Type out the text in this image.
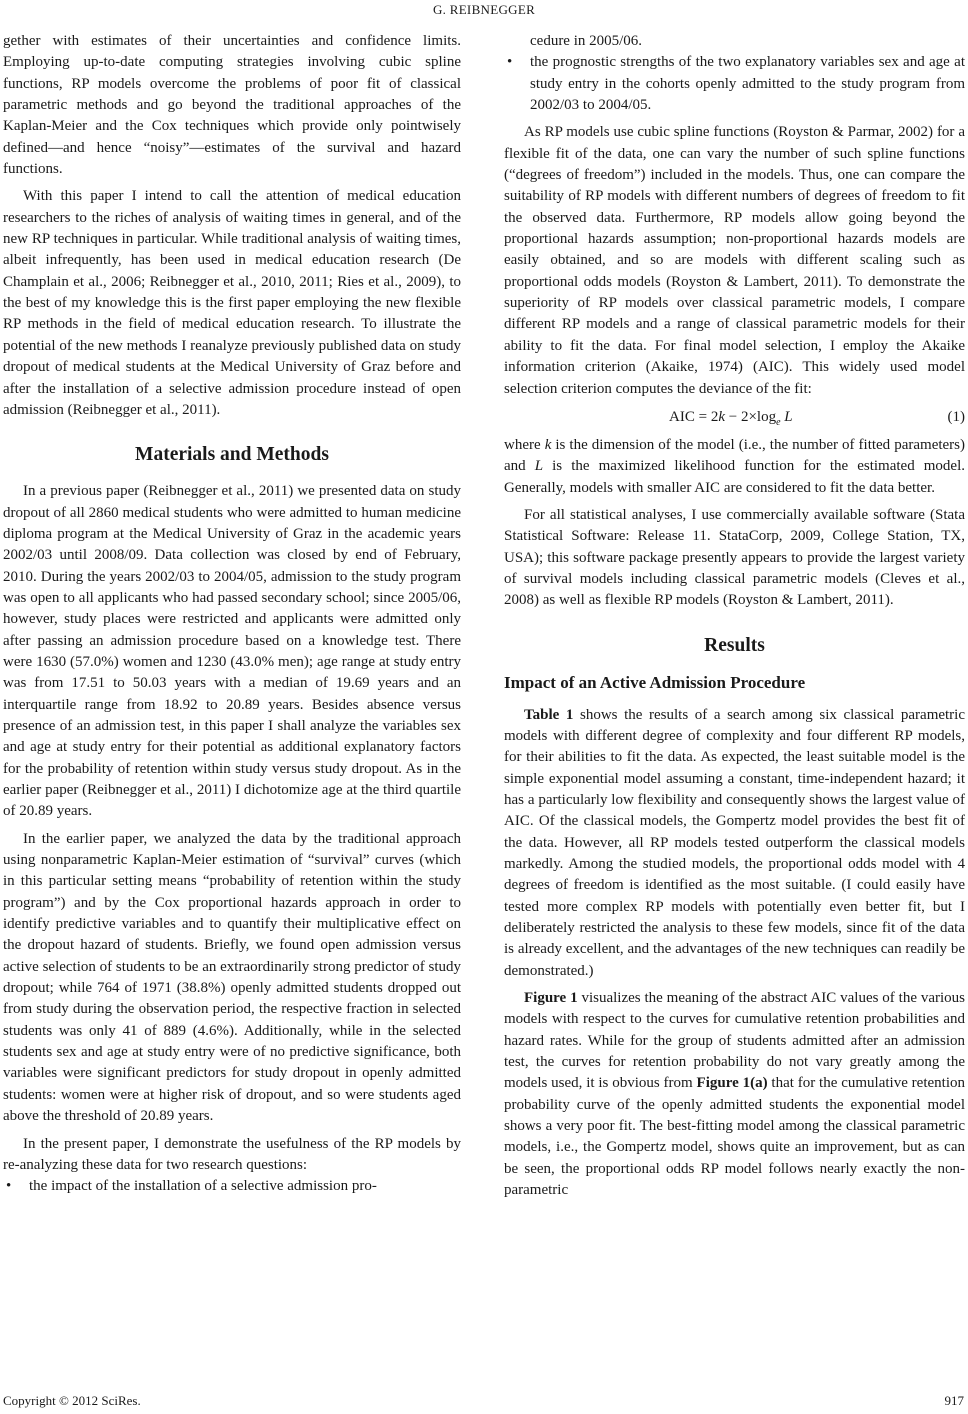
G. REIBNEGGER

gether with estimates of their uncertainties and confidence limits. Employing up-to-date computing strategies involving cubic spline functions, RP models overcome the problems of poor fit of classical parametric methods and go beyond the traditional approaches of the Kaplan-Meier and the Cox techniques which provide only pointwisely defined—and hence “noisy”—estimates of the survival and hazard functions.

With this paper I intend to call the attention of medical education researchers to the riches of analysis of waiting times in general, and of the new RP techniques in particular. While traditional analysis of waiting times, albeit infrequently, has been used in medical education research (De Champlain et al., 2006; Reibnegger et al., 2010, 2011; Ries et al., 2009), to the best of my knowledge this is the first paper employing the new flexible RP methods in the field of medical education research. To illustrate the potential of the new methods I reanalyze previously published data on study dropout of medical students at the Medical University of Graz before and after the installation of a selective admission procedure instead of open admission (Reibnegger et al., 2011).

Materials and Methods

In a previous paper (Reibnegger et al., 2011) we presented data on study dropout of all 2860 medical students who were admitted to human medicine diploma program at the Medical University of Graz in the academic years 2002/03 until 2008/09. Data collection was closed by end of February, 2010. During the years 2002/03 to 2004/05, admission to the study program was open to all applicants who had passed secondary school; since 2005/06, however, study places were restricted and applicants were admitted only after passing an admission procedure based on a knowledge test. There were 1630 (57.0%) women and 1230 (43.0% men); age range at study entry was from 17.51 to 50.03 years with a median of 19.69 years and an interquartile range from 18.92 to 20.89 years. Besides absence versus presence of an admission test, in this paper I shall analyze the variables sex and age at study entry for their potential as additional explanatory factors for the probability of retention within study versus study dropout. As in the earlier paper (Reibnegger et al., 2011) I dichotomize age at the third quartile of 20.89 years.

In the earlier paper, we analyzed the data by the traditional approach using nonparametric Kaplan-Meier estimation of “survival” curves (which in this particular setting means “probability of retention within the study program”) and by the Cox proportional hazards approach in order to identify predictive variables and to quantify their multiplicative effect on the dropout hazard of students. Briefly, we found open admission versus active selection of students to be an extraordinarily strong predictor of study dropout; while 764 of 1971 (38.8%) openly admitted students dropped out from study during the observation period, the respective fraction in selected students was only 41 of 889 (4.6%). Additionally, while in the selected students sex and age at study entry were of no predictive significance, both variables were significant predictors for study dropout in openly admitted students: women were at higher risk of dropout, and so were students aged above the threshold of 20.89 years.

In the present paper, I demonstrate the usefulness of the RP models by re-analyzing these data for two research questions:

• the impact of the installation of a selective admission pro-
cedure in 2005/06.
• the prognostic strengths of the two explanatory variables sex and age at study entry in the cohorts openly admitted to the study program from 2002/03 to 2004/05.

As RP models use cubic spline functions (Royston & Parmar, 2002) for a flexible fit of the data, one can vary the number of such spline functions (“degrees of freedom”) included in the models. Thus, one can compare the suitability of RP models with different numbers of degrees of freedom to fit the observed data. Furthermore, RP models allow going beyond the proportional hazards assumption; non-proportional hazards models are easily obtained, and so are models with different scaling such as proportional odds models (Royston & Lambert, 2011). To demonstrate the superiority of RP models over classical parametric models, I compare different RP models and a range of classical parametric models for their ability to fit the data. For final model selection, I employ the Akaike information criterion (Akaike, 1974) (AIC). This widely used model selection criterion computes the deviance of the fit:

AIC = $2k - 2\times\log_e$ L	(1)

where k is the dimension of the model (i.e., the number of fitted parameters) and L is the maximized likelihood function for the estimated model. Generally, models with smaller AIC are considered to fit the data better.

For all statistical analyses, I use commercially available software (Stata Statistical Software: Release 11. StataCorp, 2009, College Station, TX, USA); this software package presently appears to provide the largest variety of survival models including classical parametric models (Cleves et al., 2008) as well as flexible RP models (Royston & Lambert, 2011).

Results
Impact of an Active Admission Procedure

Table 1 shows the results of a search among six classical parametric models with different degree of complexity and four different RP models, for their abilities to fit the data. As expected, the least suitable model is the simple exponential model assuming a constant, time-independent hazard; it has a particularly low flexibility and consequently shows the largest value of AIC. Of the classical models, the Gompertz model provides the best fit of the data. However, all RP models tested outperform the classical models markedly. Among the studied models, the proportional odds model with 4 degrees of freedom is identified as the most suitable. (I could easily have tested more complex RP models with potentially even better fit, but I deliberately restricted the analysis to these few models, since fit of the data is already excellent, and the advantages of the new techniques can readily be demonstrated.)

Figure 1 visualizes the meaning of the abstract AIC values of the various models with respect to the curves for cumulative retention probabilities and hazard rates. While for the group of students admitted after an admission test, the curves for retention probability do not vary greatly among the models used, it is obvious from Figure 1(a) that for the cumulative retention probability curve of the openly admitted students the exponential model shows a very poor fit. The best-fitting model among the classical parametric models, i.e., the Gompertz model, shows quite an improvement, but as can be seen, the proportional odds RP model follows nearly exactly the non-parametric

Copyright © 2012 SciRes.	917
